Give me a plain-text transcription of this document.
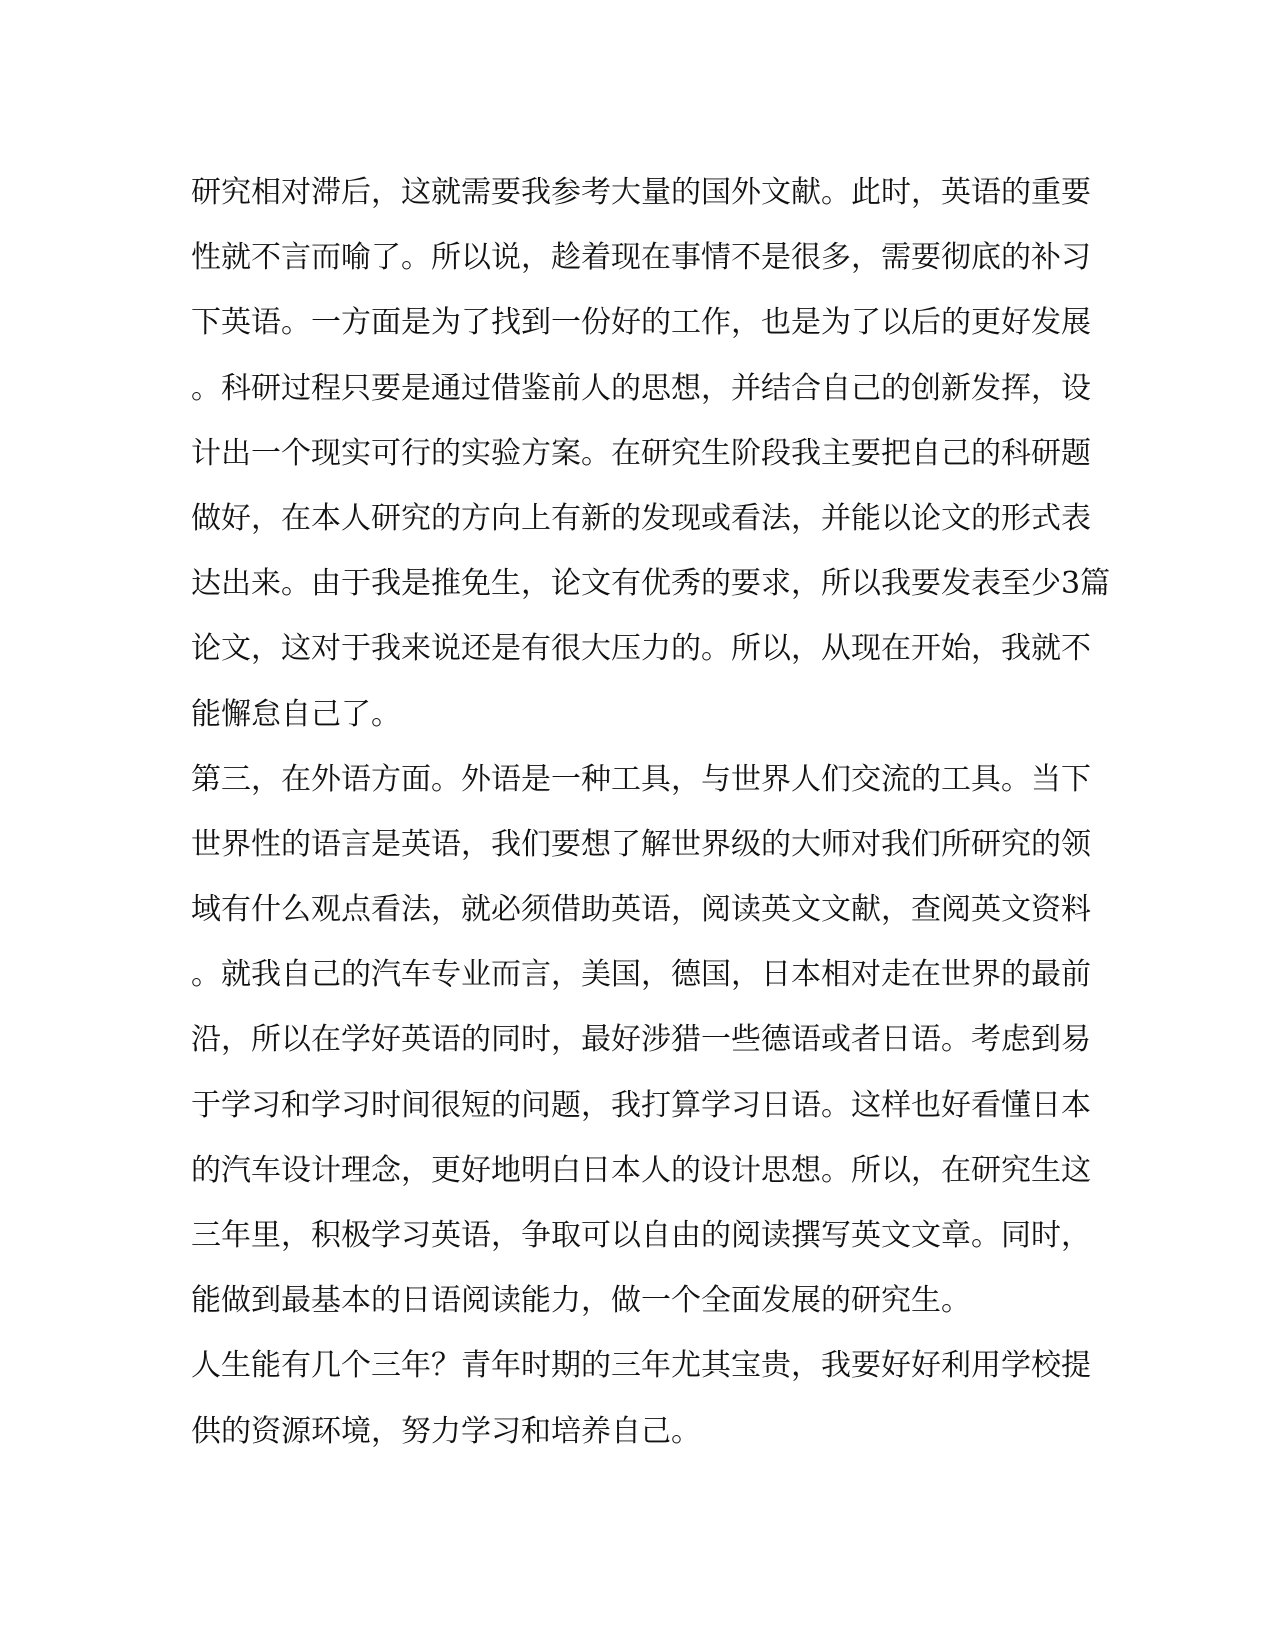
研究相对滞后，这就需要我参考大量的国外文献。此时，英语的重要
性就不言而喻了。所以说，趁着现在事情不是很多，需要彻底的补习
下英语。一方面是为了找到一份好的工作，也是为了以后的更好发展
。科研过程只要是通过借鉴前人的思想，并结合自己的创新发挥，设
计出一个现实可行的实验方案。在研究生阶段我主要把自己的科研题
做好，在本人研究的方向上有新的发现或看法，并能以论文的形式表
达出来。由于我是推免生，论文有优秀的要求，所以我要发表至少3篇
论文，这对于我来说还是有很大压力的。所以，从现在开始，我就不
能懈怠自己了。
第三，在外语方面。外语是一种工具，与世界人们交流的工具。当下
世界性的语言是英语，我们要想了解世界级的大师对我们所研究的领
域有什么观点看法，就必须借助英语，阅读英文文献，查阅英文资料
。就我自己的汽车专业而言，美国，德国，日本相对走在世界的最前
沿，所以在学好英语的同时，最好涉猎一些德语或者日语。考虑到易
于学习和学习时间很短的问题，我打算学习日语。这样也好看懂日本
的汽车设计理念，更好地明白日本人的设计思想。所以，在研究生这
三年里，积极学习英语，争取可以自由的阅读撰写英文文章。同时，
能做到最基本的日语阅读能力，做一个全面发展的研究生。
人生能有几个三年？青年时期的三年尤其宝贵，我要好好利用学校提
供的资源环境，努力学习和培养自己。
